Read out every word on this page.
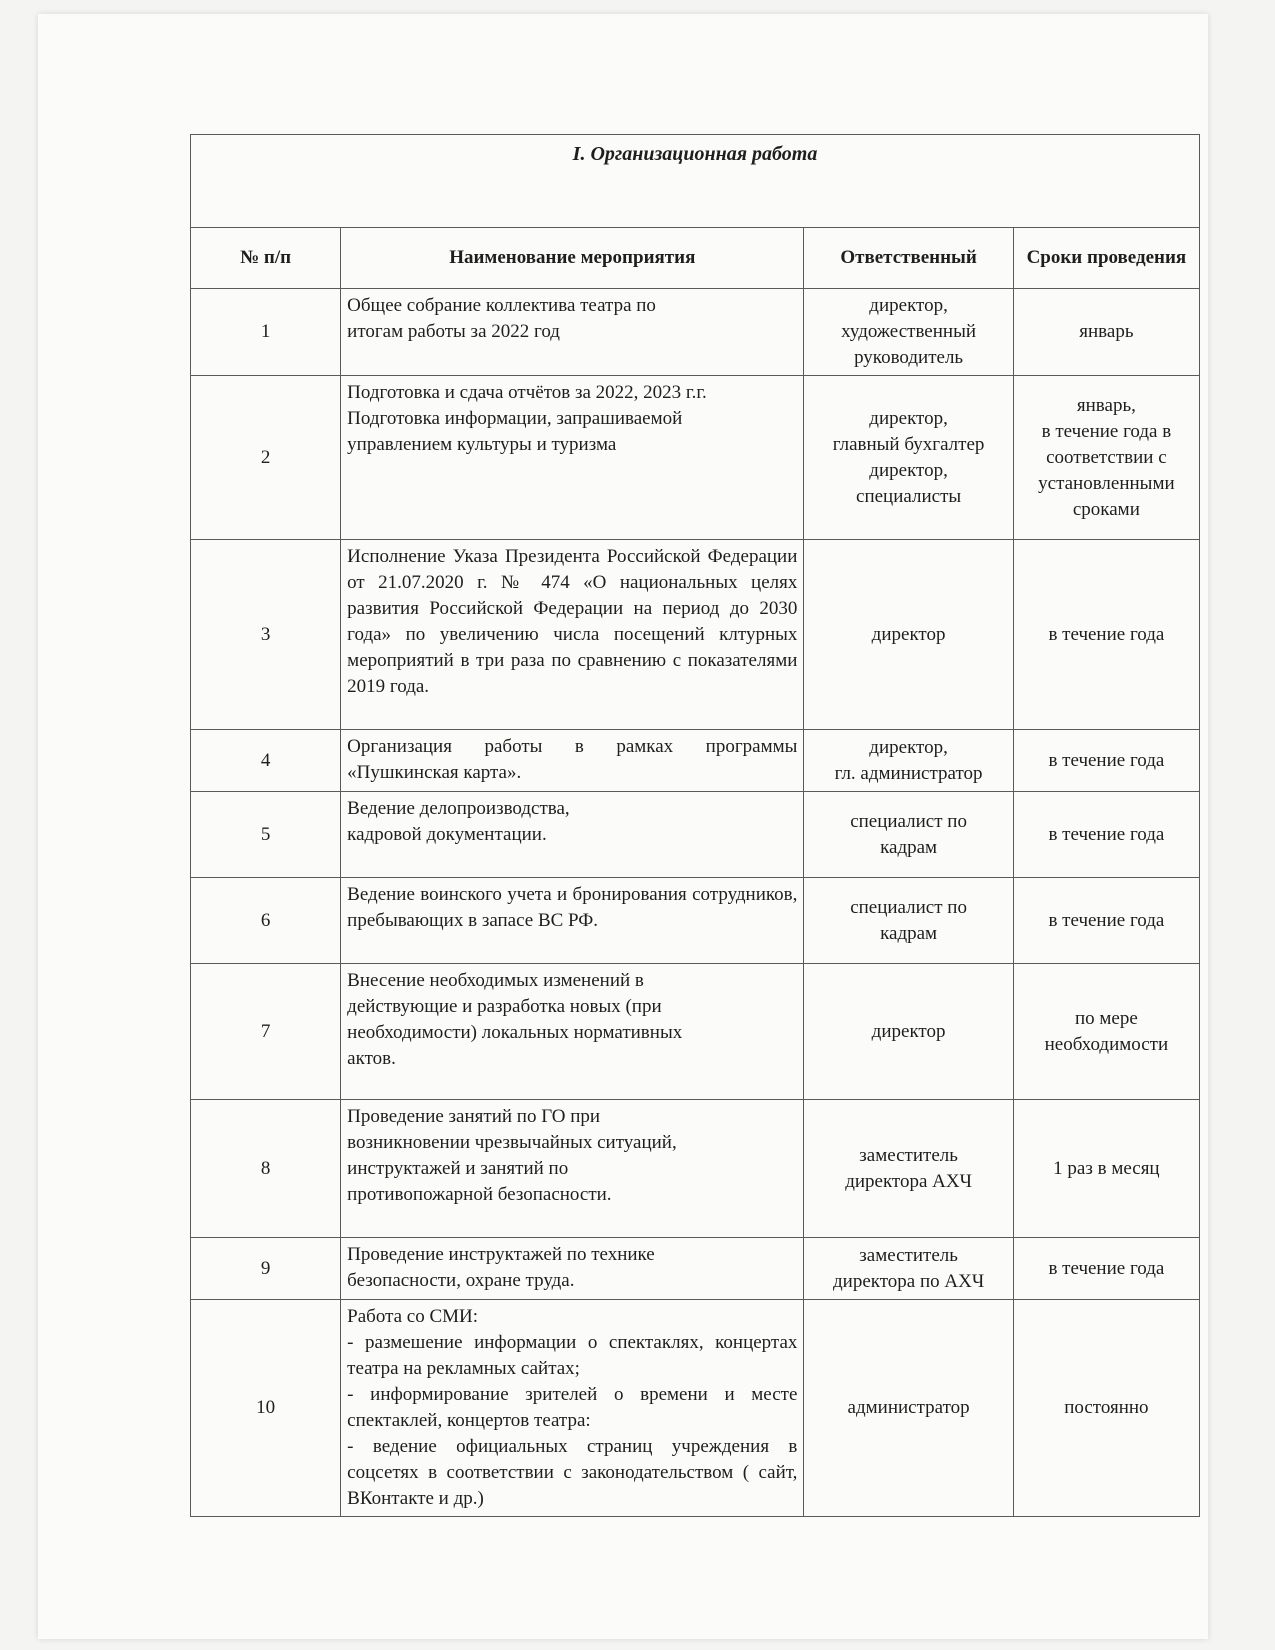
I. Организационная работа			
№ п/п	Наименование мероприятия	Ответственный	Сроки проведения
1	Общее собрание коллектива театра по
итогам работы за 2022 год	директор,
художественный
руководитель	январь

2	Подготовка и сдача отчётов за 2022, 2023 г.г.
Подготовка информации, запрашиваемой
управлением культуры и туризма	директор,
главный бухгалтер
директор,
специалисты	январь,
в течение года в
соответствии с
установленными
сроками

3	Исполнение Указа Президента Российской Федерации от 21.07.2020 г. № 474 «О национальных целях развития Российской Федерации на период до 2030 года» по увеличению числа посещений клтурных мероприятий в три раза по сравнению с показателями 2019 года.	директор	в течение года

4	Организация работы в рамках программы «Пушкинская карта».	директор,
гл. администратор	в течение года

5	Ведение делопроизводства,
кадровой документации.	специалист по
кадрам	в течение года

6	Ведение воинского учета и бронирования сотрудников, пребывающих в запасе ВС РФ.	специалист по
кадрам	в течение года

7	Внесение необходимых изменений в
действующие и разработка новых (при
необходимости) локальных нормативных
актов.	директор	по мере
необходимости

8	Проведение занятий по ГО при
возникновении чрезвычайных ситуаций,
инструктажей и занятий по
противопожарной безопасности.	заместитель
директора АХЧ	1 раз в месяц

9	Проведение инструктажей по технике
безопасности, охране труда.	заместитель
директора по АХЧ	в течение года

10	Работа со СМИ:
- размешение информации о спектаклях, концертах театра на рекламных сайтах;
- информирование зрителей о времени и месте спектаклей, концертов театра:
- ведение официальных страниц учреждения в соцсетях в соответствии с законодательством ( сайт, ВКонтакте и др.)	администратор	постоянно
